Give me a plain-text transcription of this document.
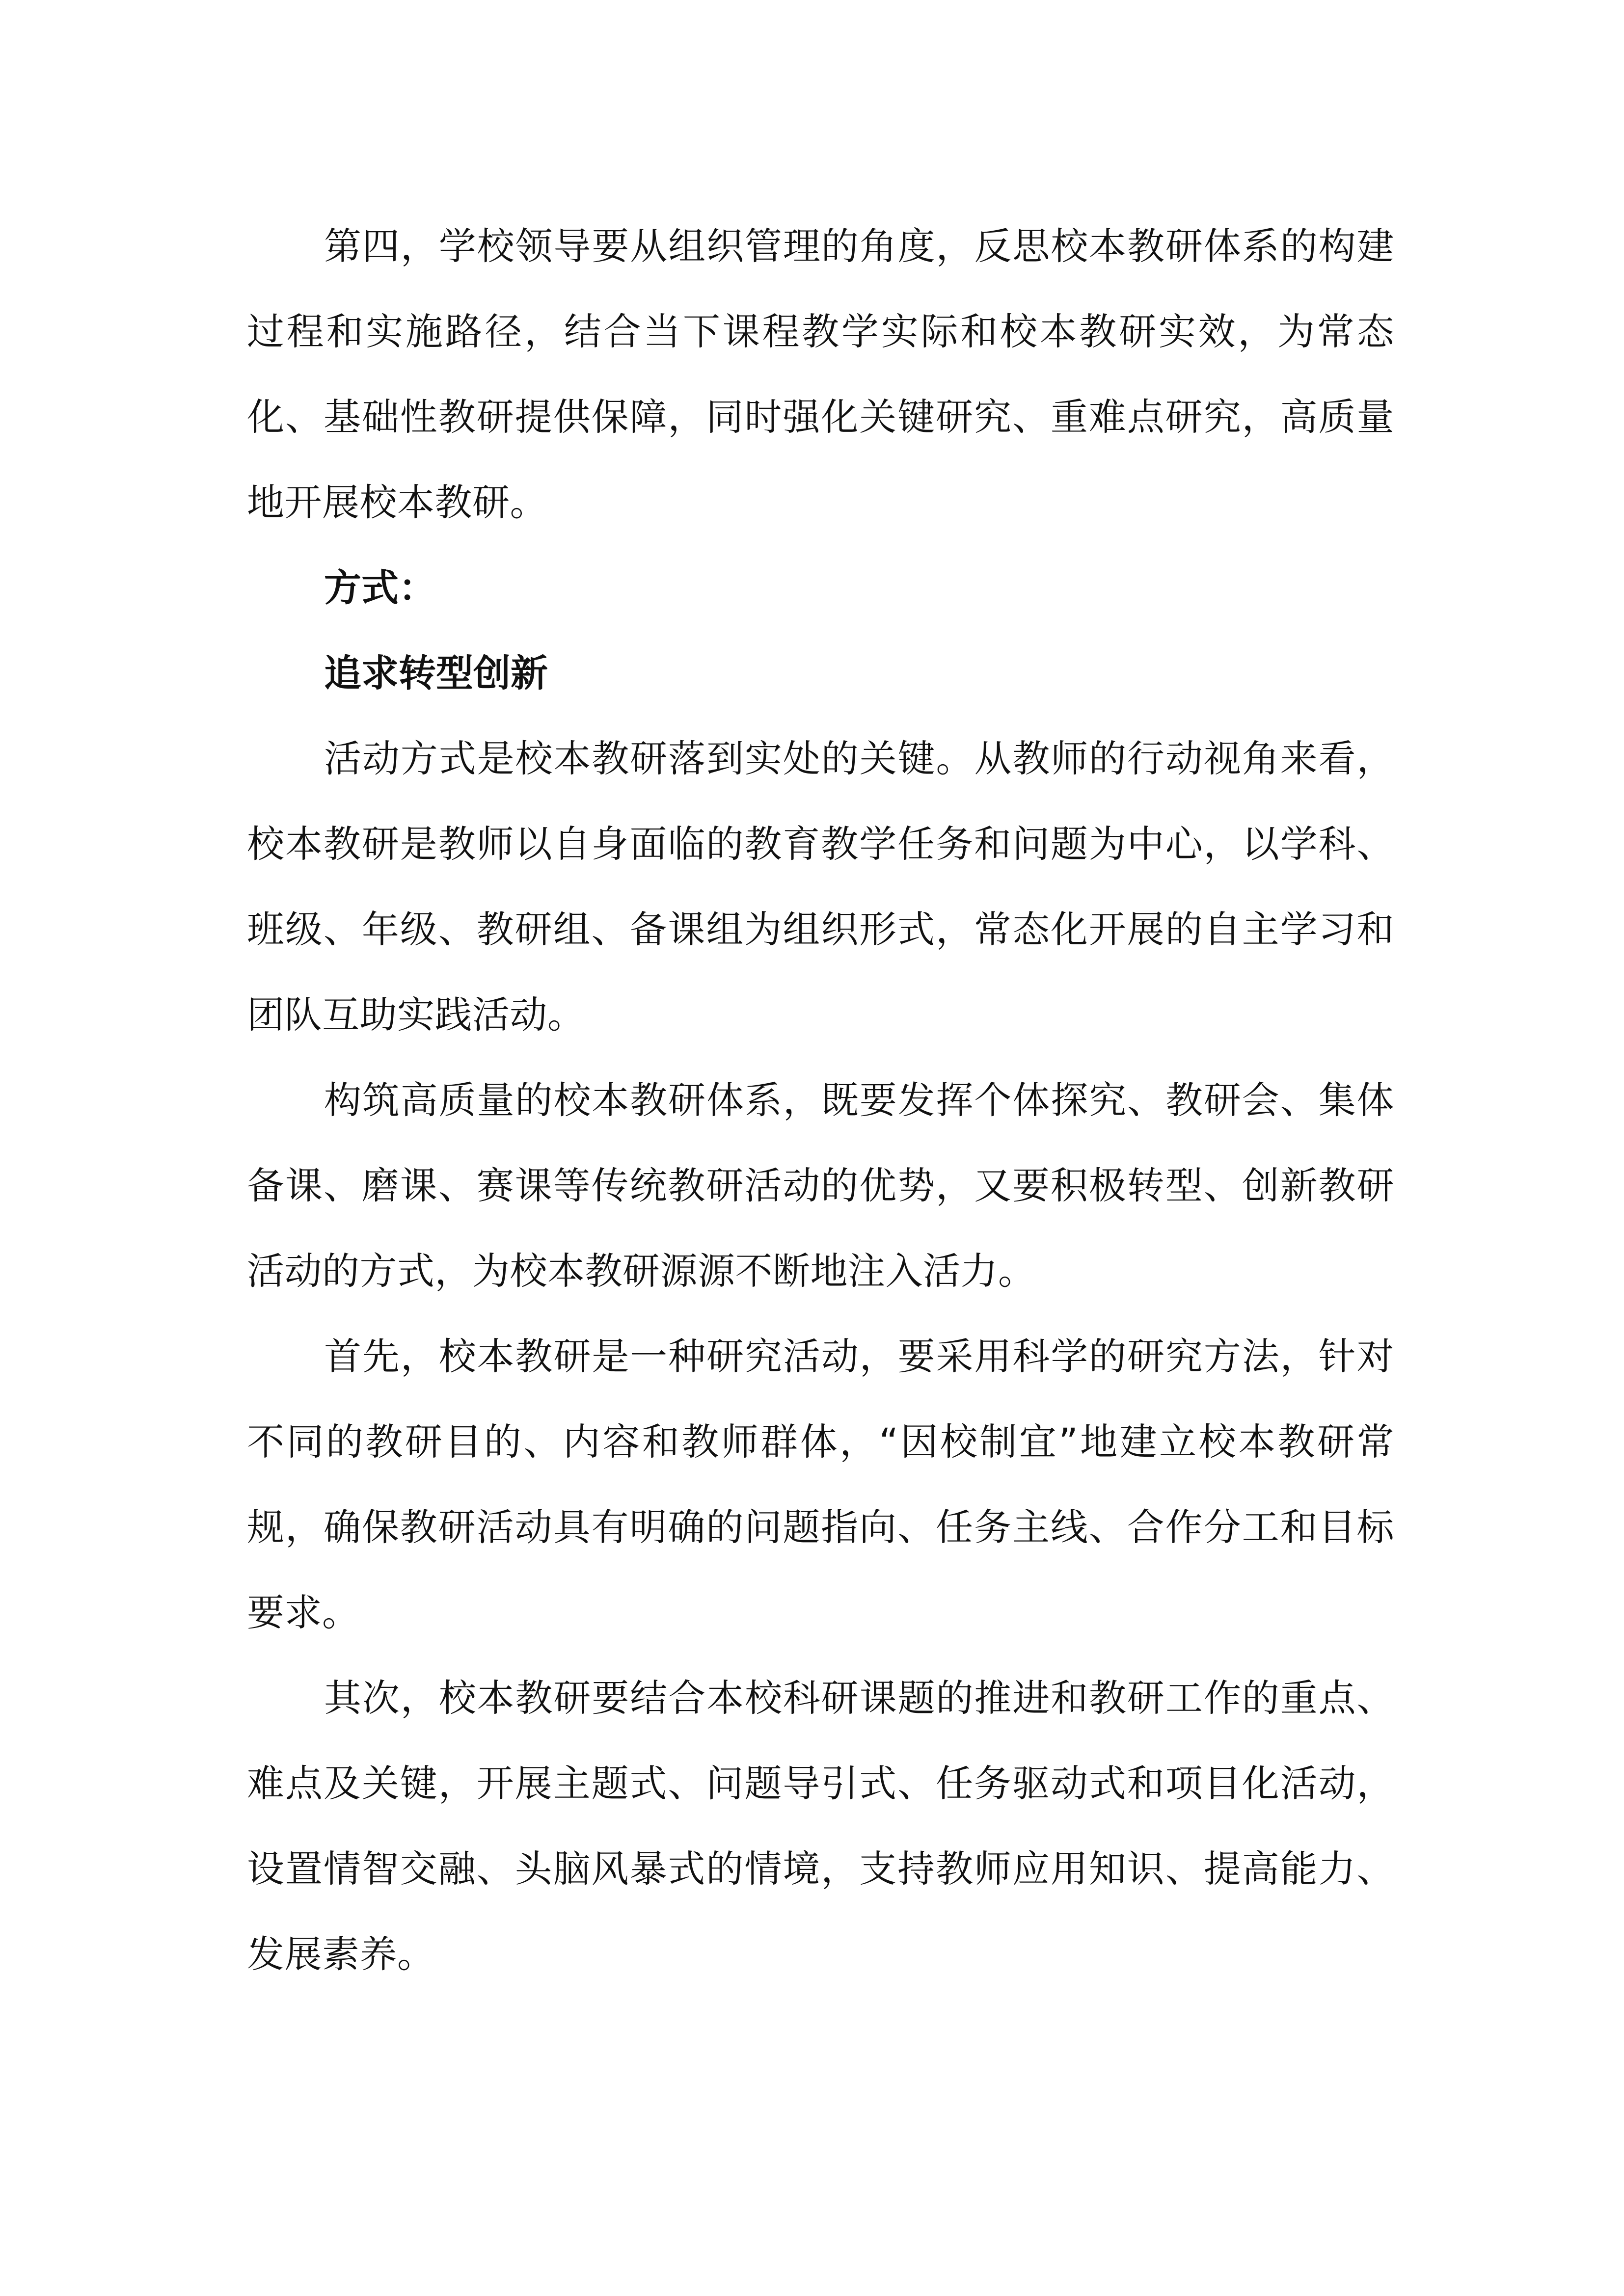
第四，学校领导要从组织管理的角度，反思校本教研体系的构建过程和实施路径，结合当下课程教学实际和校本教研实效，为常态化、基础性教研提供保障，同时强化关键研究、重难点研究，高质量地开展校本教研。

方式：

追求转型创新

活动方式是校本教研落到实处的关键。从教师的行动视角来看，校本教研是教师以自身面临的教育教学任务和问题为中心，以学科、班级、年级、教研组、备课组为组织形式，常态化开展的自主学习和团队互助实践活动。

构筑高质量的校本教研体系，既要发挥个体探究、教研会、集体备课、磨课、赛课等传统教研活动的优势，又要积极转型、创新教研活动的方式，为校本教研源源不断地注入活力。

首先，校本教研是一种研究活动，要采用科学的研究方法，针对不同的教研目的、内容和教师群体，“因校制宜”地建立校本教研常规，确保教研活动具有明确的问题指向、任务主线、合作分工和目标要求。

其次，校本教研要结合本校科研课题的推进和教研工作的重点、难点及关键，开展主题式、问题导引式、任务驱动式和项目化活动，设置情智交融、头脑风暴式的情境，支持教师应用知识、提高能力、发展素养。
